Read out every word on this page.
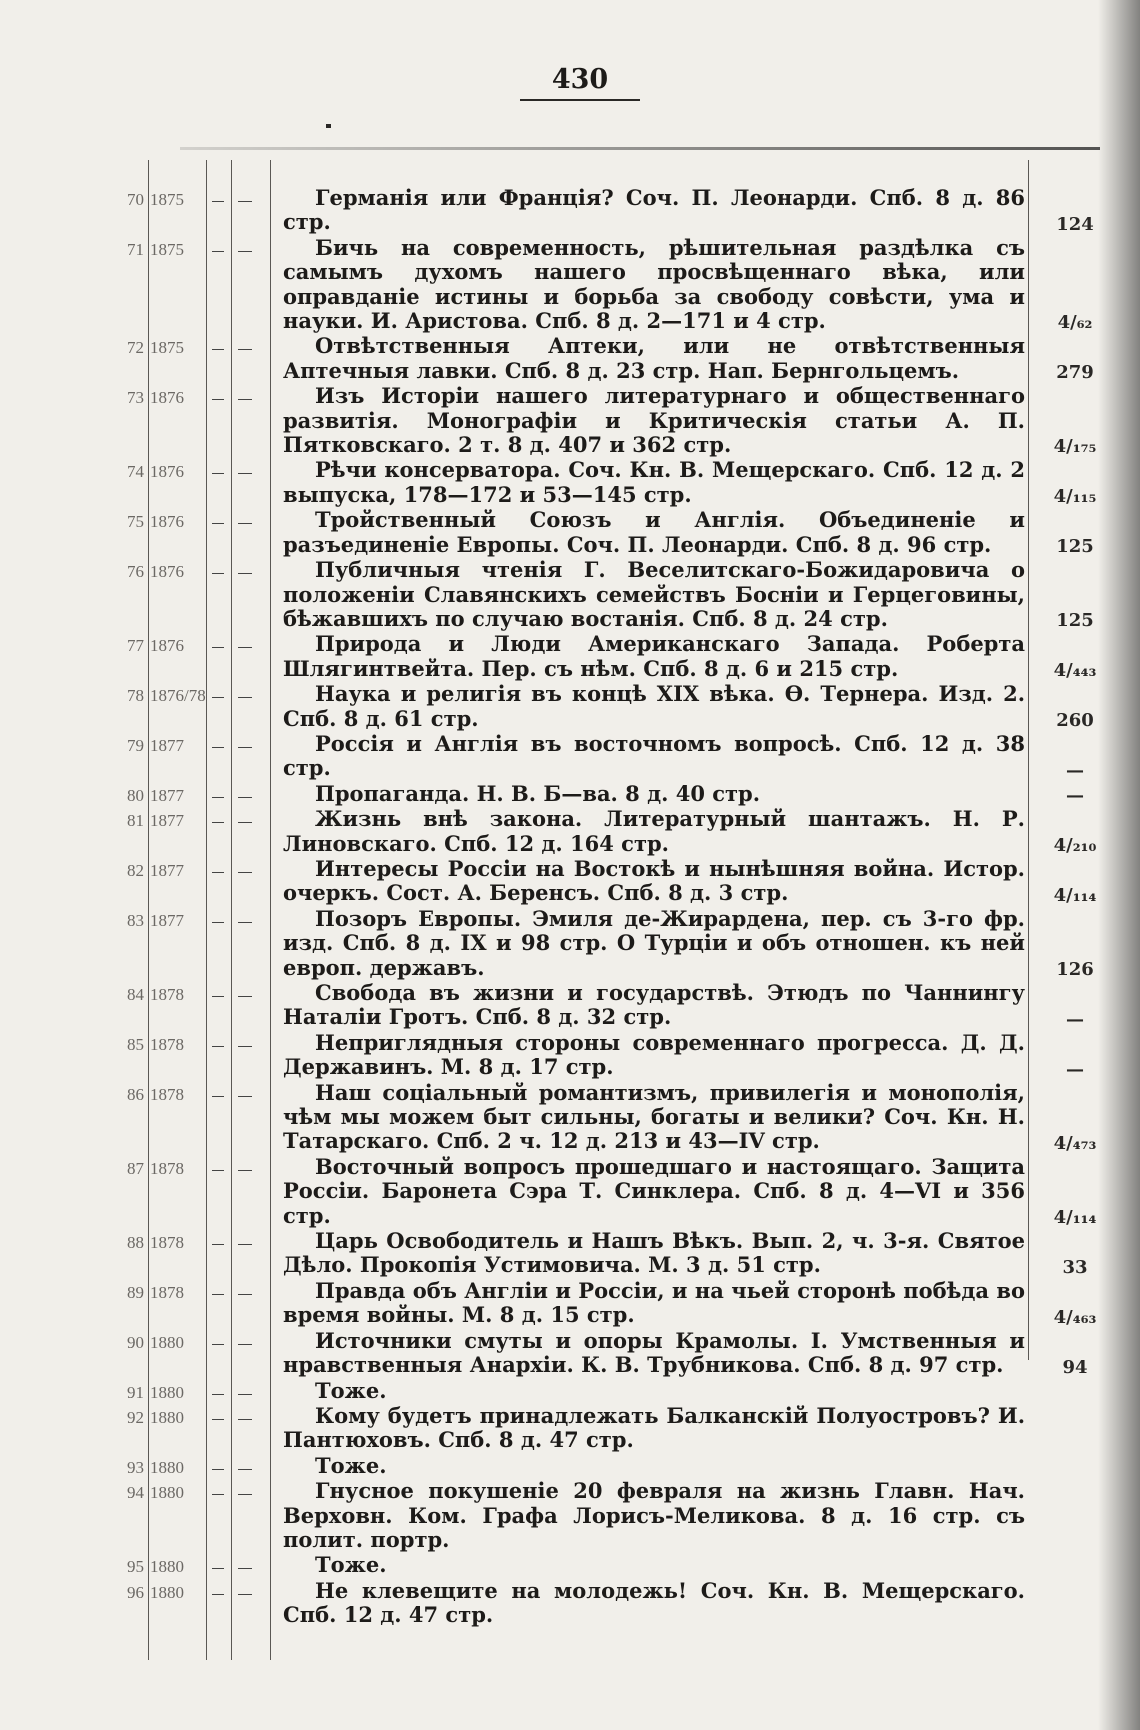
430
70 1875	Германія или Франція? Соч. П. Леонарди. Спб. 8 д. 86 стр.	124
71 1875	Бичь на современность, рѣшительная раздѣлка съ самымъ духомъ нашего просвѣщеннаго вѣка, или оправданіе истины и борьба за свободу совѣсти, ума и науки. И. Аристова. Спб. 8 д. 2—171 и 4 стр.	4/₆₂
72 1875	Отвѣтственныя Аптеки, или не отвѣтственныя Аптечныя лавки. Спб. 8 д. 23 стр. Нап. Бернгольцемъ.	279
73 1876	Изъ Исторіи нашего литературнаго и общественнаго развитія. Монографіи и Критическія статьи А. П. Пятковскаго. 2 т. 8 д. 407 и 362 стр.	4/₁₇₅
74 1876	Рѣчи консерватора. Соч. Кн. В. Мещерскаго. Спб. 12 д. 2 выпуска, 178—172 и 53—145 стр.	4/₁₁₅
75 1876	Тройственный Союзъ и Англія. Объединеніе и разъединеніе Европы. Соч. П. Леонарди. Спб. 8 д. 96 стр.	125
76 1876	Публичныя чтенія Г. Веселитскаго-Божидаровича о положеніи Славянскихъ семействъ Босніи и Герцеговины, бѣжавшихъ по случаю востанія. Спб. 8 д. 24 стр.	125
77 1876	Природа и Люди Американскаго Запада. Роберта Шлягинтвейта. Пер. съ нѣм. Спб. 8 д. 6 и 215 стр.	4/₄₄₃
78 1876/78	Наука и религія въ концѣ XIX вѣка. Ѳ. Тернера. Изд. 2. Спб. 8 д. 61 стр.	260
79 1877	Россія и Англія въ восточномъ вопросѣ. Спб. 12 д. 38 стр.	—
80 1877	Пропаганда. Н. В. Б—ва. 8 д. 40 стр.	—
81 1877	Жизнь внѣ закона. Литературный шантажъ. Н. Р. Линовскаго. Спб. 12 д. 164 стр.	4/₂₁₀
82 1877	Интересы Россіи на Востокѣ и нынѣшняя война. Истор. очеркъ. Сост. А. Беренсъ. Спб. 8 д. 3 стр.	4/₁₁₄
83 1877	Позоръ Европы. Эмиля де-Жирардена, пер. съ 3-го фр. изд. Спб. 8 д. IX и 98 стр. О Турціи и объ отношен. къ ней европ. державъ.	126
84 1878	Свобода въ жизни и государствѣ. Этюдъ по Чаннингу Наталіи Гротъ. Спб. 8 д. 32 стр.	—
85 1878	Неприглядныя стороны современнаго прогресса. Д. Д. Державинъ. М. 8 д. 17 стр.	—
86 1878	Наш соціальный романтизмъ, привилегія и монополія, чѣм мы можем быт сильны, богаты и велики? Соч. Кн. Н. Татарскаго. Спб. 2 ч. 12 д. 213 и 43—IV стр.	4/₄₇₃
87 1878	Восточный вопросъ прошедшаго и настоящаго. Защита Россіи. Баронета Сэра Т. Синклера. Спб. 8 д. 4—VI и 356 стр.	4/₁₁₄
88 1878	Царь Освободитель и Нашъ Вѣкъ. Вып. 2, ч. 3-я. Святое Дѣло. Прокопія Устимовича. М. 3 д. 51 стр.	33
89 1878	Правда объ Англіи и Россіи, и на чьей сторонѣ побѣда во время войны. М. 8 д. 15 стр.	4/₄₆₃
90 1880	Источники смуты и опоры Крамолы. I. Умственныя и нравственныя Анархіи. К. В. Трубникова. Спб. 8 д. 97 стр.	94
91 1880	Тоже.
92 1880	Кому будетъ принадлежать Балканскій Полуостровъ? И. Пантюховъ. Спб. 8 д. 47 стр.
93 1880	Тоже.
94 1880	Гнусное покушеніе 20 февраля на жизнь Главн. Нач. Верховн. Ком. Графа Лорисъ-Меликова. 8 д. 16 стр. съ полит. портр.
95 1880	Тоже.
96 1880	Не клевещите на молодежь! Соч. Кн. В. Мещерскаго. Спб. 12 д. 47 стр.
